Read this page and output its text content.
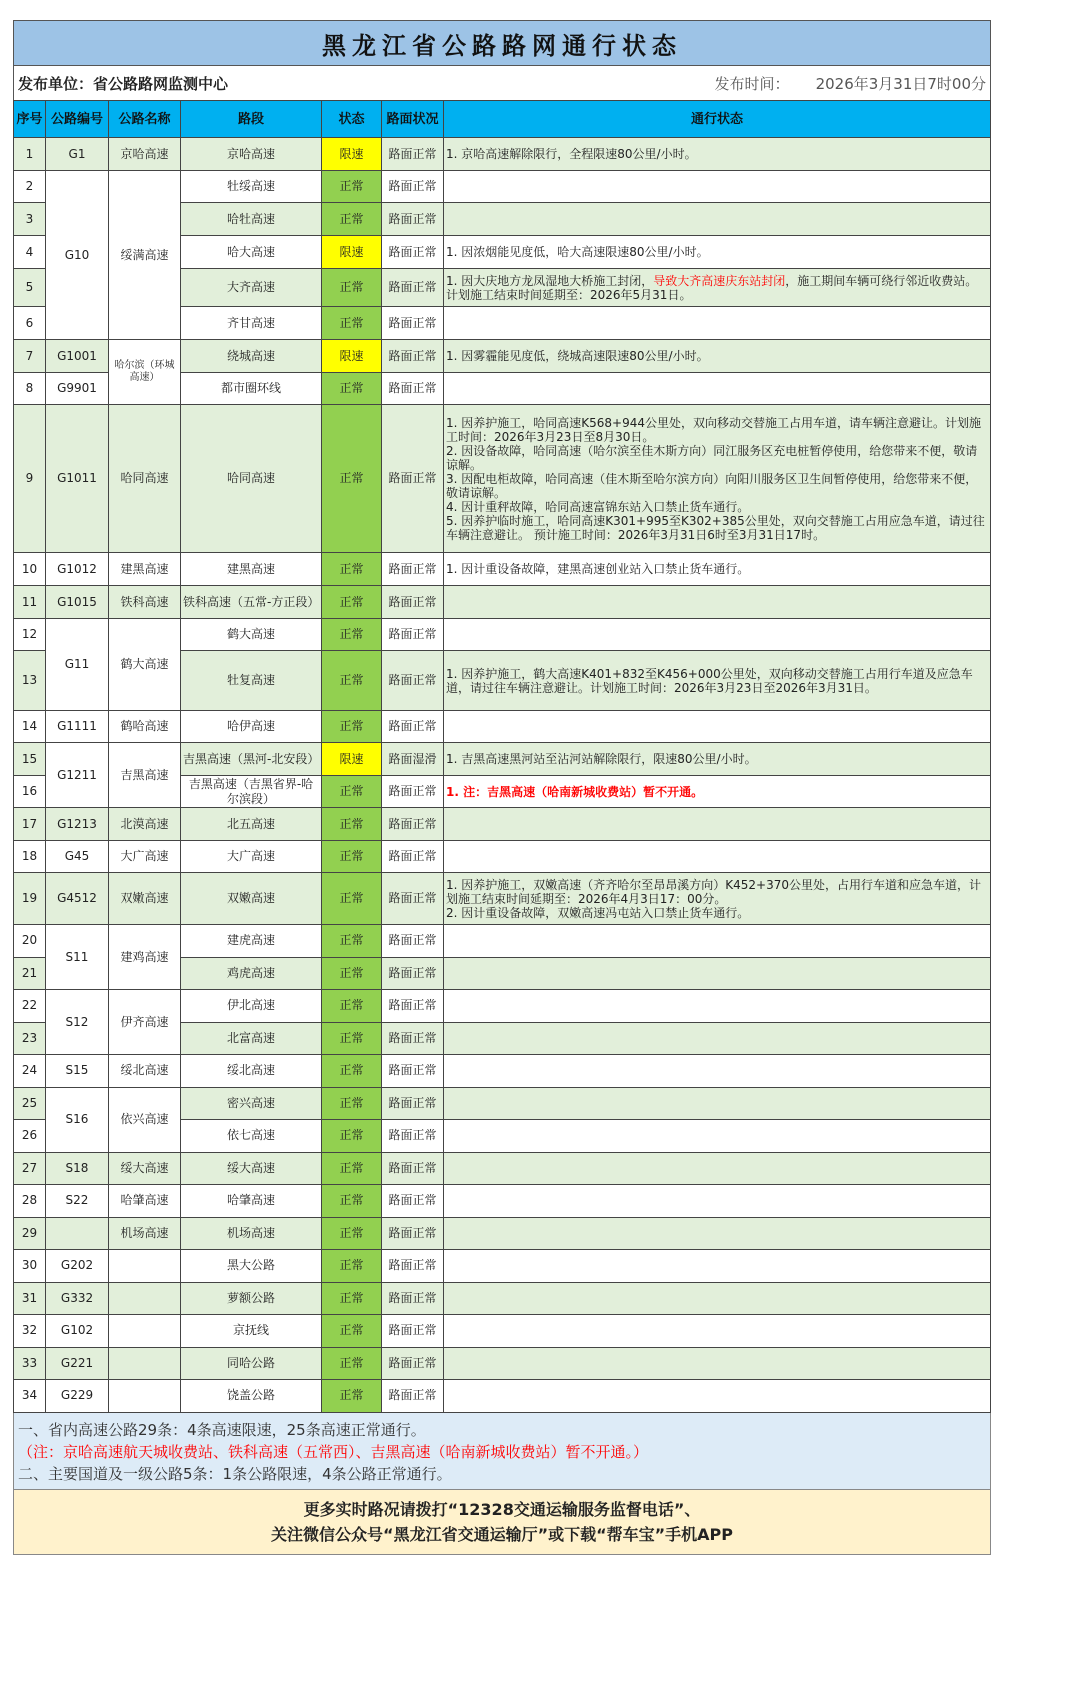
黑龙江省公路路网通行状态
发布单位：省公路路网监测中心	发布时间： 2026年3月31日7时00分
序号	公路编号	公路名称	路段	状态	路面状况	通行状态
1	G1	京哈高速	京哈高速	限速	路面正常	1. 京哈高速解除限行，全程限速80公里/小时。
2	G10	绥满高速	牡绥高速	正常	路面正常	
3			哈牡高速	正常	路面正常	
4			哈大高速	限速	路面正常	1. 因浓烟能见度低，哈大高速限速80公里/小时。
5			大齐高速	正常	路面正常	1. 因大庆地方龙凤湿地大桥施工封闭，导致大齐高速庆东站封闭，施工期间车辆可绕行邻近收费站。计划施工结束时间延期至：2026年5月31日。
6			齐甘高速	正常	路面正常	
7	G1001	哈尔滨（环城高速）	绕城高速	限速	路面正常	1. 因雾霾能见度低，绕城高速限速80公里/小时。
8	G9901		都市圈环线	正常	路面正常	
9	G1011	哈同高速	哈同高速	正常	路面正常	1. 因养护施工，哈同高速K568+944公里处，双向移动交替施工占用车道，请车辆注意避让。计划施工时间：2026年3月23日至8月30日。
2. 因设备故障，哈同高速（哈尔滨至佳木斯方向）同江服务区充电桩暂停使用，给您带来不便，敬请谅解。
3. 因配电柜故障，哈同高速（佳木斯至哈尔滨方向）向阳川服务区卫生间暂停使用，给您带来不便，敬请谅解。
4. 因计重秤故障，哈同高速富锦东站入口禁止货车通行。
5. 因养护临时施工，哈同高速K301+995至K302+385公里处，双向交替施工占用应急车道，请过往车辆注意避让。 预计施工时间：2026年3月31日6时至3月31日17时。
10	G1012	建黑高速	建黑高速	正常	路面正常	1. 因计重设备故障，建黑高速创业站入口禁止货车通行。
11	G1015	铁科高速	铁科高速（五常-方正段）	正常	路面正常	
12	G11	鹤大高速	鹤大高速	正常	路面正常	
13			牡复高速	正常	路面正常	1. 因养护施工，鹤大高速K401+832至K456+000公里处，双向移动交替施工占用行车道及应急车道，请过往车辆注意避让。计划施工时间：2026年3月23日至2026年3月31日。
14	G1111	鹤哈高速	哈伊高速	正常	路面正常	
15	G1211	吉黑高速	吉黑高速（黑河-北安段）	限速	路面湿滑	1. 吉黑高速黑河站至沾河站解除限行，限速80公里/小时。
16			吉黑高速（吉黑省界-哈尔滨段）	正常	路面正常	1. 注：吉黑高速（哈南新城收费站）暂不开通。
17	G1213	北漠高速	北五高速	正常	路面正常	
18	G45	大广高速	大广高速	正常	路面正常	
19	G4512	双嫩高速	双嫩高速	正常	路面正常	1. 因养护施工，双嫩高速（齐齐哈尔至昂昂溪方向）K452+370公里处，占用行车道和应急车道，计划施工结束时间延期至：2026年4月3日17：00分。
2. 因计重设备故障，双嫩高速冯屯站入口禁止货车通行。
20	S11	建鸡高速	建虎高速	正常	路面正常	
21			鸡虎高速	正常	路面正常	
22	S12	伊齐高速	伊北高速	正常	路面正常	
23			北富高速	正常	路面正常	
24	S15	绥北高速	绥北高速	正常	路面正常	
25	S16	依兴高速	密兴高速	正常	路面正常	
26			依七高速	正常	路面正常	
27	S18	绥大高速	绥大高速	正常	路面正常	
28	S22	哈肇高速	哈肇高速	正常	路面正常	
29		机场高速	机场高速	正常	路面正常	
30	G202		黑大公路	正常	路面正常	
31	G332		萝额公路	正常	路面正常	
32	G102		京抚线	正常	路面正常	
33	G221		同哈公路	正常	路面正常	
34	G229		饶盖公路	正常	路面正常	
一、省内高速公路29条：4条高速限速，25条高速正常通行。
（注：京哈高速航天城收费站、铁科高速（五常西）、吉黑高速（哈南新城收费站）暂不开通。）
二、主要国道及一级公路5条：1条公路限速，4条公路正常通行。
更多实时路况请拨打“12328交通运输服务监督电话”、
关注微信公众号“黑龙江省交通运输厅”或下载“帮车宝”手机APP
